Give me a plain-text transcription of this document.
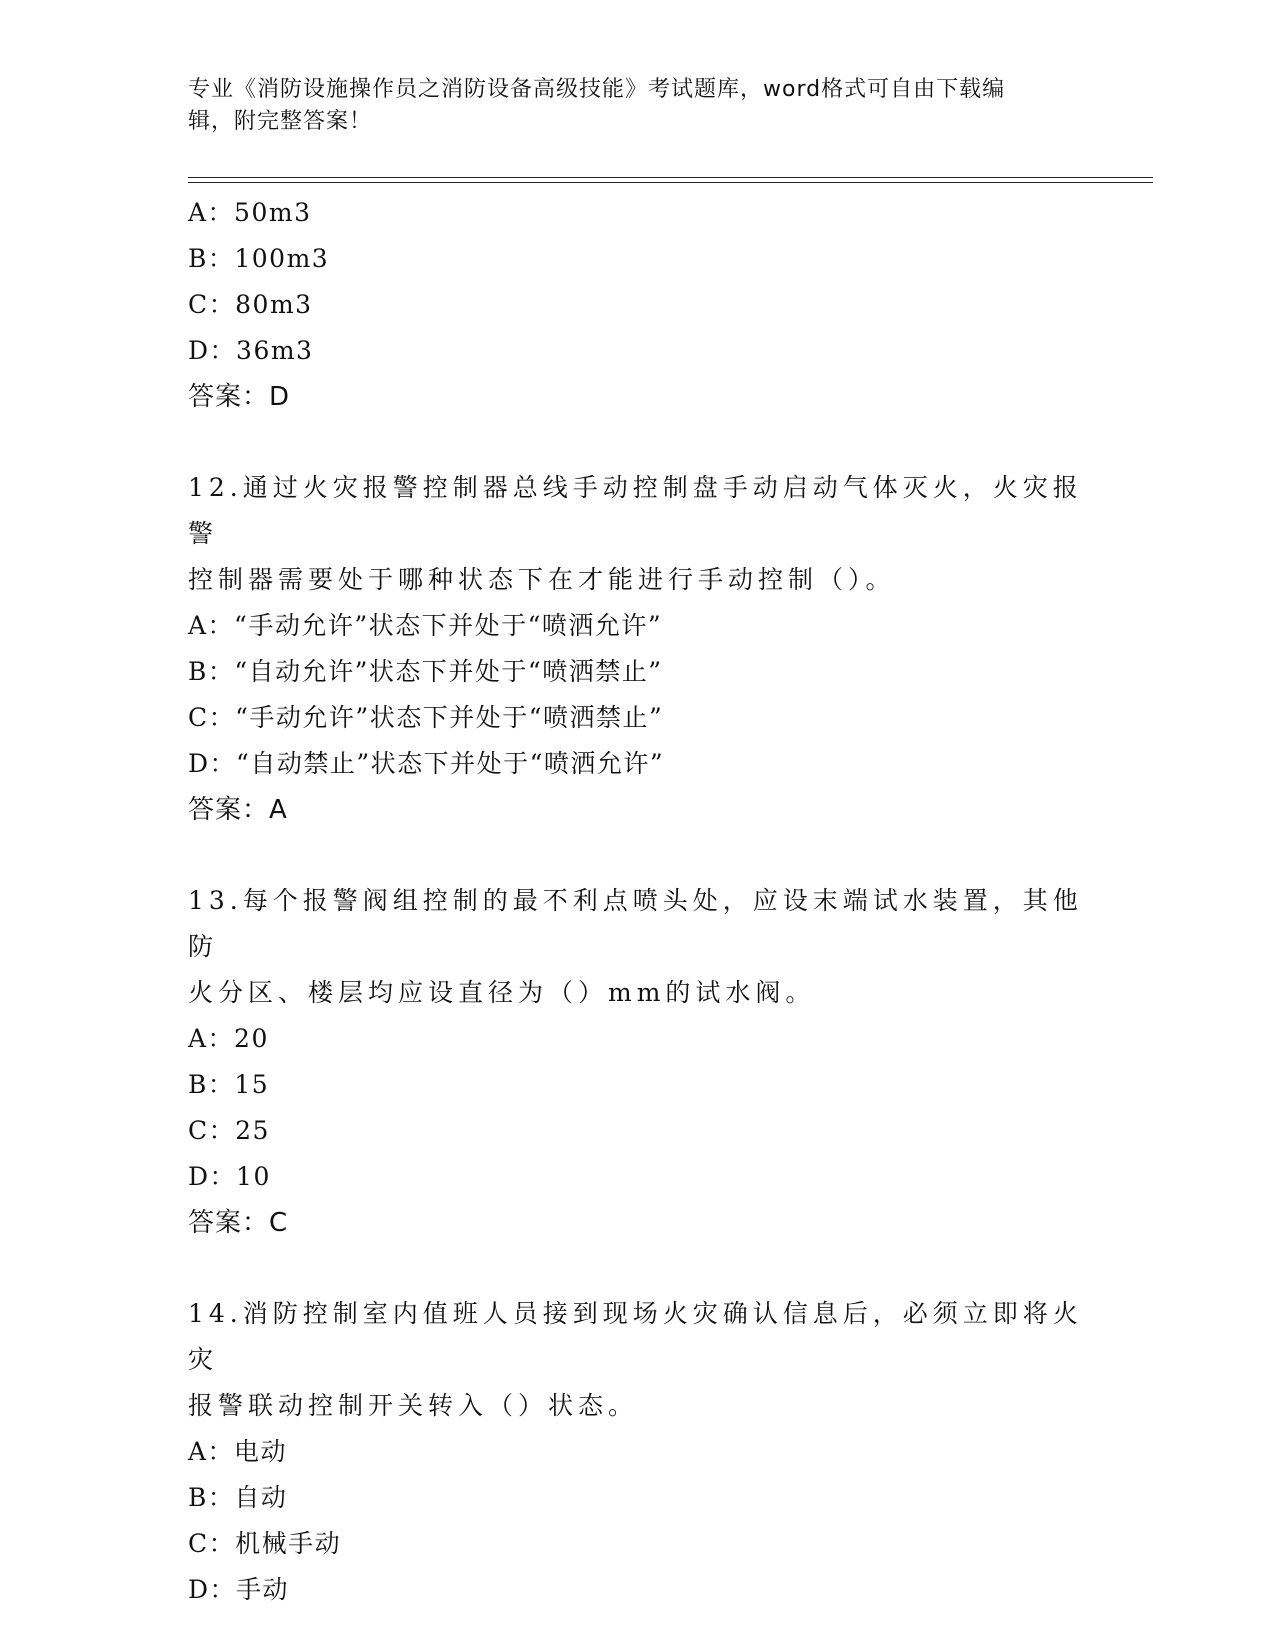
专业《消防设施操作员之消防设备高级技能》考试题库，word格式可自由下载编
辑，附完整答案！
A：50m3
B：100m3
C：80m3
D：36m3
答案：D
12.通过火灾报警控制器总线手动控制盘手动启动气体灭火，火灾报警
控制器需要处于哪种状态下在才能进行手动控制（）。
A：“手动允许”状态下并处于“喷洒允许”
B：“自动允许”状态下并处于“喷洒禁止”
C：“手动允许”状态下并处于“喷洒禁止”
D：“自动禁止”状态下并处于“喷洒允许”
答案：A
13.每个报警阀组控制的最不利点喷头处，应设末端试水装置，其他防
火分区、楼层均应设直径为（）mm的试水阀。
A：20
B：15
C：25
D：10
答案：C
14.消防控制室内值班人员接到现场火灾确认信息后，必须立即将火灾
报警联动控制开关转入（）状态。
A：电动
B：自动
C：机械手动
D：手动
